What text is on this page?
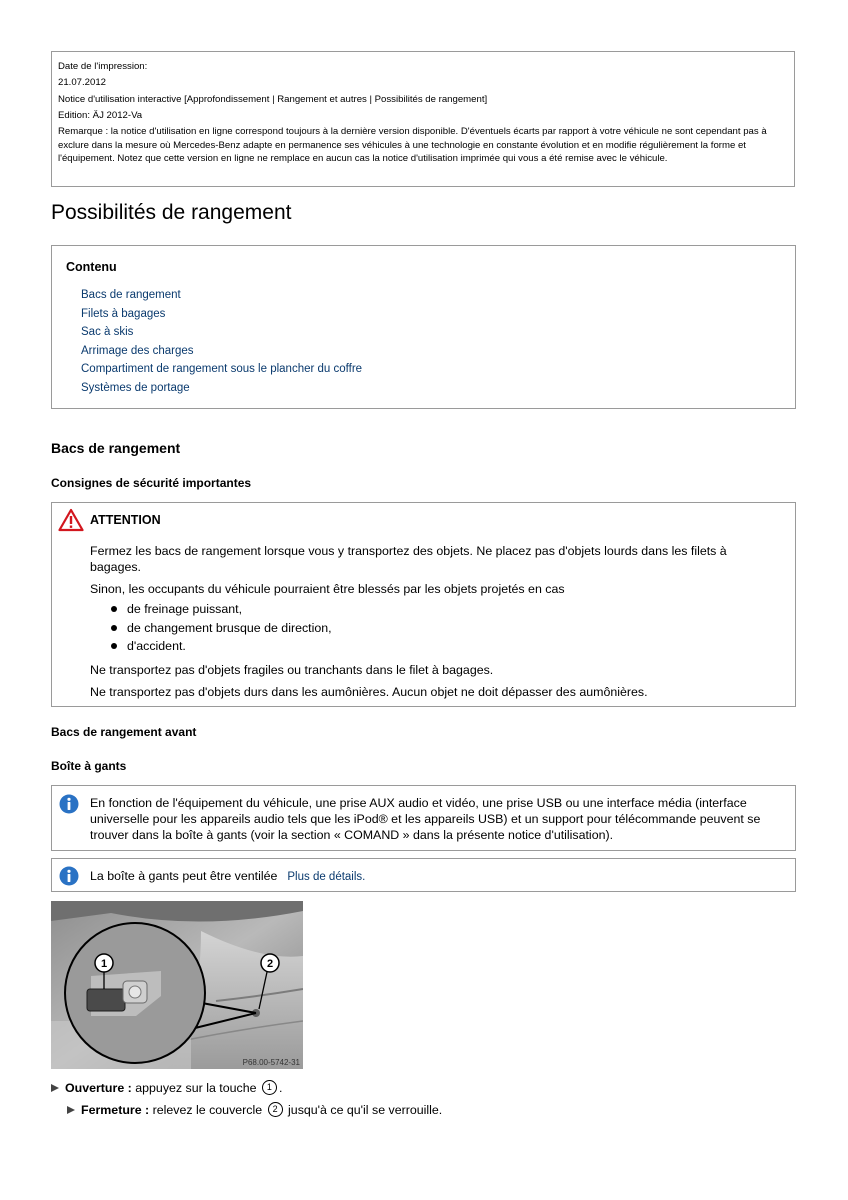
Date de l'impression:

21.07.2012

Notice d'utilisation interactive [Approfondissement | Rangement et autres | Possibilités de rangement]

Edition: ÄJ 2012-Va

Remarque : la notice d'utilisation en ligne correspond toujours à la dernière version disponible. D'éventuels écarts par rapport à votre véhicule ne sont cependant pas à exclure dans la mesure où Mercedes-Benz adapte en permanence ses véhicules à une technologie en constante évolution et en modifie régulièrement la forme et l'équipement. Notez que cette version en ligne ne remplace en aucun cas la notice d'utilisation imprimée qui vous a été remise avec le véhicule.

Possibilités de rangement
Contenu
Bacs de rangement
Filets à bagages
Sac à skis
Arrimage des charges
Compartiment de rangement sous le plancher du coffre
Systèmes de portage
Bacs de rangement
Consignes de sécurité importantes
ATTENTION

Fermez les bacs de rangement lorsque vous y transportez des objets. Ne placez pas d'objets lourds dans les filets à bagages.

Sinon, les occupants du véhicule pourraient être blessés par les objets projetés en cas

de freinage puissant,
de changement brusque de direction,
d'accident.

Ne transportez pas d'objets fragiles ou tranchants dans le filet à bagages.

Ne transportez pas d'objets durs dans les aumônières. Aucun objet ne doit dépasser des aumônières.

Bacs de rangement avant
Boîte à gants
En fonction de l'équipement du véhicule, une prise AUX audio et vidéo, une prise USB ou une interface média (interface universelle pour les appareils audio tels que les iPod® et les appareils USB) et un support pour télécommande peuvent se trouver dans la boîte à gants (voir la section « COMAND » dans la présente notice d'utilisation).
La boîte à gants peut être ventilée Plus de détails.
1	2
P68.00-5742-31
Ouverture : appuyez sur la touche 1 .
Fermeture : relevez le couvercle 2 jusqu'à ce qu'il se verrouille.
